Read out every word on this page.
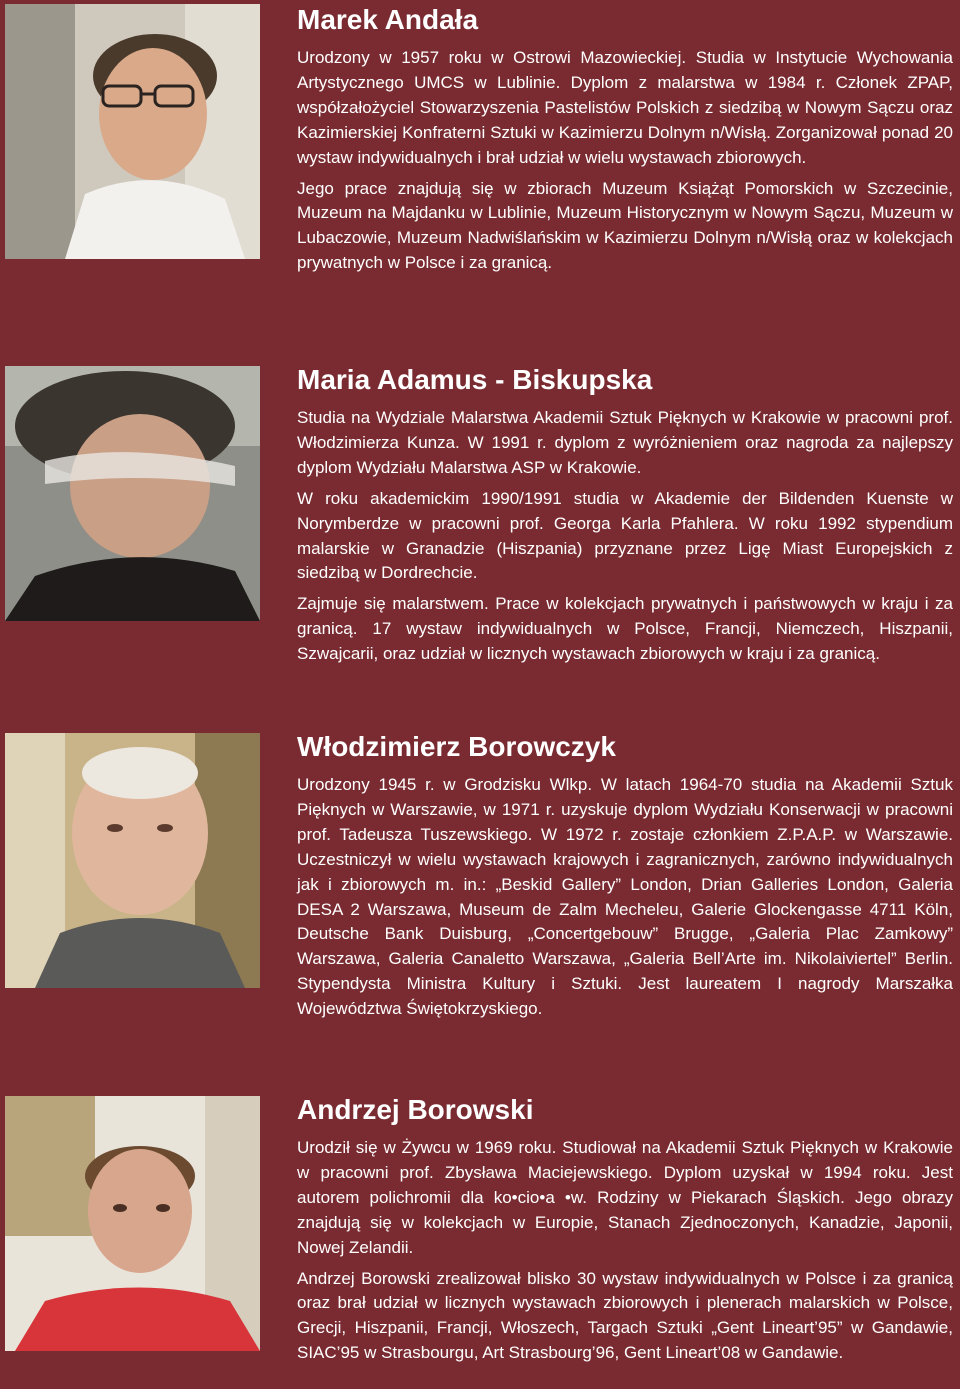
Marek Andała

Urodzony w 1957 roku w Ostrowi Mazowieckiej. Studia w Instytucie Wychowania Artystycznego UMCS w Lublinie. Dyplom z malarstwa w 1984 r. Członek ZPAP, współzałożyciel Stowarzyszenia Pastelistów Polskich z siedzibą w Nowym Sączu oraz Kazimierskiej Konfraterni Sztuki w Kazimierzu Dolnym n/Wisłą. Zorganizował ponad 20 wystaw indywidualnych i brał udział w wielu wystawach zbiorowych.

Jego prace znajdują się w zbiorach Muzeum Książąt Pomorskich w Szczecinie, Muzeum na Majdanku w Lublinie, Muzeum Historycznym w Nowym Sączu, Muzeum w Lubaczowie, Muzeum Nadwiślańskim w Kazimierzu Dolnym n/Wisłą oraz w kolekcjach prywatnych w Polsce i za granicą.

Maria Adamus - Biskupska

Studia na Wydziale Malarstwa Akademii Sztuk Pięknych w Krakowie w pracowni prof. Włodzimierza Kunza. W 1991 r. dyplom z wyróżnieniem oraz nagroda za najlepszy dyplom Wydziału Malarstwa ASP w Krakowie.

W roku akademickim 1990/1991 studia w Akademie der Bildenden Kuenste w Norymberdze w pracowni prof. Georga Karla Pfahlera. W roku 1992 stypendium malarskie w Granadzie (Hiszpania) przyznane przez Ligę Miast Europejskich z siedzibą w Dordrechcie.

Zajmuje się malarstwem. Prace w kolekcjach prywatnych i państwowych w kraju i za granicą. 17 wystaw indywidualnych w Polsce, Francji, Niemczech, Hiszpanii, Szwajcarii, oraz udział w licznych wystawach zbiorowych w kraju i za granicą.

Włodzimierz Borowczyk

Urodzony 1945 r. w Grodzisku Wlkp. W latach 1964-70 studia na Akademii Sztuk Pięknych w Warszawie, w 1971 r. uzyskuje dyplom Wydziału Konserwacji w pracowni prof. Tadeusza Tuszewskiego. W 1972 r. zostaje członkiem Z.P.A.P. w Warszawie. Uczestniczył w wielu wystawach krajowych i zagranicznych, zarówno indywidualnych jak i zbiorowych m. in.: „Beskid Gallery” London, Drian Galleries London, Galeria DESA 2 Warszawa, Museum de Zalm Mecheleu, Galerie Glockengasse 4711 Köln, Deutsche Bank Duisburg, „Concertgebouw” Brugge, „Galeria Plac Zamkowy” Warszawa, Galeria Canaletto Warszawa, „Galeria Bell’Arte im. Nikolaiviertel” Berlin. Stypendysta Ministra Kultury i Sztuki. Jest laureatem I nagrody Marszałka Województwa Świętokrzyskiego.

Andrzej Borowski

Urodził się w Żywcu w 1969 roku. Studiował na Akademii Sztuk Pięknych w Krakowie w pracowni prof. Zbysława Maciejewskiego. Dyplom uzyskał w 1994 roku. Jest autorem polichromii dla ko•cio•a •w. Rodziny w Piekarach Śląskich. Jego obrazy znajdują się w kolekcjach w Europie, Stanach Zjednoczonych, Kanadzie, Japonii, Nowej Zelandii.

Andrzej Borowski zrealizował blisko 30 wystaw indywidualnych w Polsce i za granicą oraz brał udział w licznych wystawach zbiorowych i plenerach malarskich w Polsce, Grecji, Hiszpanii, Francji, Włoszech, Targach Sztuki „Gent Lineart’95” w Gandawie, SIAC’95 w Strasbourgu, Art Strasbourg’96, Gent Lineart’08 w Gandawie.
